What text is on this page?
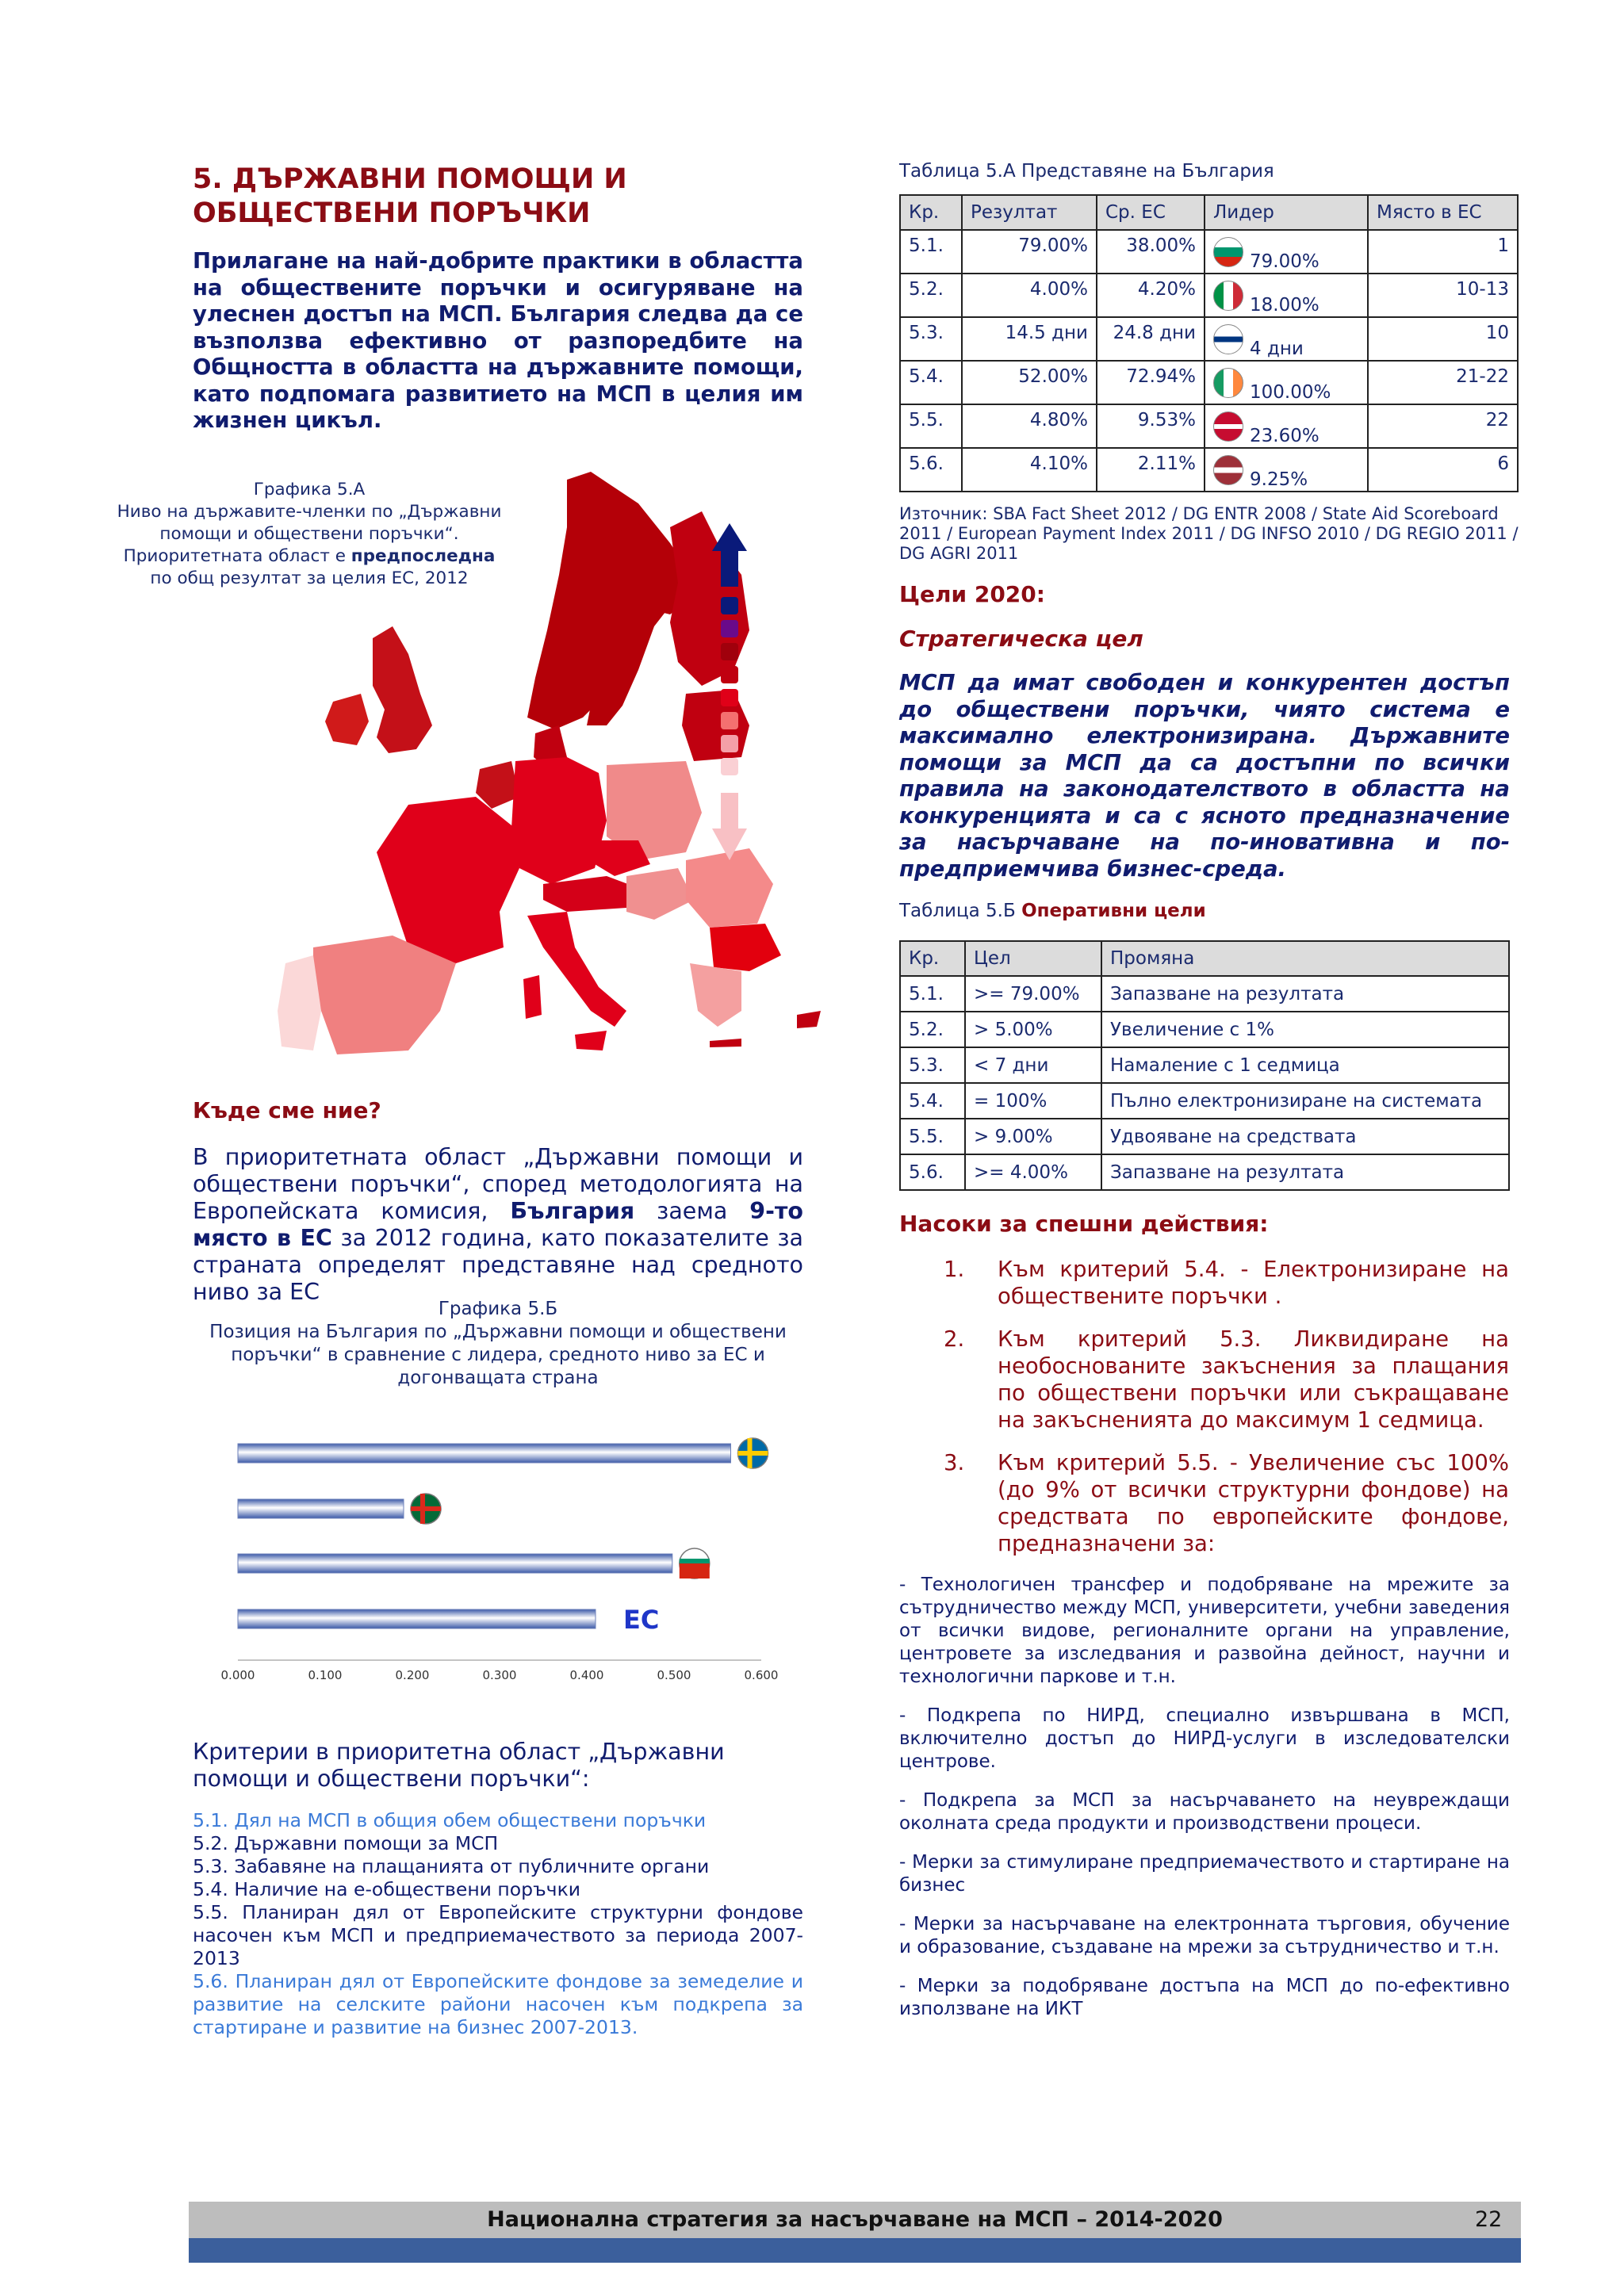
5. ДЪРЖАВНИ ПОМОЩИ И ОБЩЕСТВЕНИ ПОРЪЧКИ
Прилагане на най-добрите практики в областта на обществените поръчки и осигуряване на улеснен достъп на МСП. България следва да се възползва ефективно от разпоредбите на Общността в областта на държавните помощи, като подпомага развитието на МСП в целия им жизнен цикъл.
Графика 5.А
Ниво на държавите-членки по „Държавни помощи и обществени поръчки“.
Приоритетната област е предпоследна
по общ резултат за целия ЕС, 2012
Къде сме ние?
В приоритетната област „Държавни помощи и обществени поръчки“, според методологията на Европейската комисия, България заема 9-то място в ЕС за 2012 година, като показателите за страната определят представяне над средното ниво за ЕС
Графика 5.Б
Позиция на България по „Държавни помощи и обществени поръчки“ в сравнение с лидера, средното ниво за ЕС и догонващата страна
ЕС
0.000	0.100	0.200	0.300	0.400	0.500	0.600
Критерии в приоритетна област „Държавни помощи и обществени поръчки“:
5.1. Дял на МСП в общия обем обществени поръчки
5.2. Държавни помощи за МСП
5.3. Забавяне на плащанията от публичните органи
5.4. Наличие на е-обществени поръчки
5.5. Планиран дял от Европейските структурни фондове насочен към МСП и предприемачеството за периода 2007-2013
5.6. Планиран дял от Европейските фондове за земеделие и развитие на селските райони насочен към подкрепа за стартиране и развитие на бизнес 2007-2013.
Таблица 5.А Представяне на България
Кр.	Резултат	Ср. ЕС	Лидер	Място в ЕС
5.1.	79.00%	38.00%	79.00%	1
5.2.	4.00%	4.20%	18.00%	10-13
5.3.	14.5 дни	24.8 дни	4 дни	10
5.4.	52.00%	72.94%	100.00%	21-22
5.5.	4.80%	9.53%	23.60%	22
5.6.	4.10%	2.11%	9.25%	6
Източник: SBA Fact Sheet 2012 / DG ENTR 2008 / State Aid Scoreboard 2011 / European Payment Index 2011 / DG INFSO 2010 / DG REGIO 2011 / DG AGRI 2011
Цели 2020:
Стратегическа цел
МСП да имат свободен и конкурентен достъп до обществени поръчки, чиято система е максимално електронизирана. Държавните помощи за МСП да са достъпни по всички правила на законодателството в областта на конкуренцията и са с ясното предназначение за насърчаване на по-иновативна и по-предприемчива бизнес-среда.
Таблица 5.Б Оперативни цели
Кр.	Цел	Промяна
5.1.	>= 79.00%	Запазване на резултата
5.2.	> 5.00%	Увеличение с 1%
5.3.	< 7 дни	Намаление с 1 седмица
5.4.	= 100%	Пълно електронизиране на системата
5.5.	> 9.00%	Удвояване на средствата
5.6.	>= 4.00%	Запазване на резултата
Насоки за спешни действия:
1.	Към критерий 5.4. - Електронизиране на обществените поръчки .
2.	Към критерий 5.3. Ликвидиране на необоснованите закъснения за плащания по обществени поръчки или съкращаване на закъсненията до максимум 1 седмица.
3.	Към критерий 5.5. - Увеличение със 100% (до 9% от всички структурни фондове) на средствата по европейските фондове, предназначени за:
- Технологичен трансфер и подобряване на мрежите за сътрудничество между МСП, университети, учебни заведения от всички видове, регионалните органи на управление, центровете за изследвания и развойна дейност, научни и технологични паркове и т.н.
- Подкрепа по НИРД, специално извършвана в МСП, включително достъп до НИРД-услуги в изследователски центрове.
- Подкрепа за МСП за насърчаването на неувреждащи околната среда продукти и производствени процеси.
- Мерки за стимулиране предприемачеството и стартиране на бизнес
- Мерки за насърчаване на електронната търговия, обучение и образование, създаване на мрежи за сътрудничество и т.н.
- Мерки за подобряване достъпа на МСП до по-ефективно използване на ИКТ
Национална стратегия за насърчаване на МСП – 2014-2020	22
